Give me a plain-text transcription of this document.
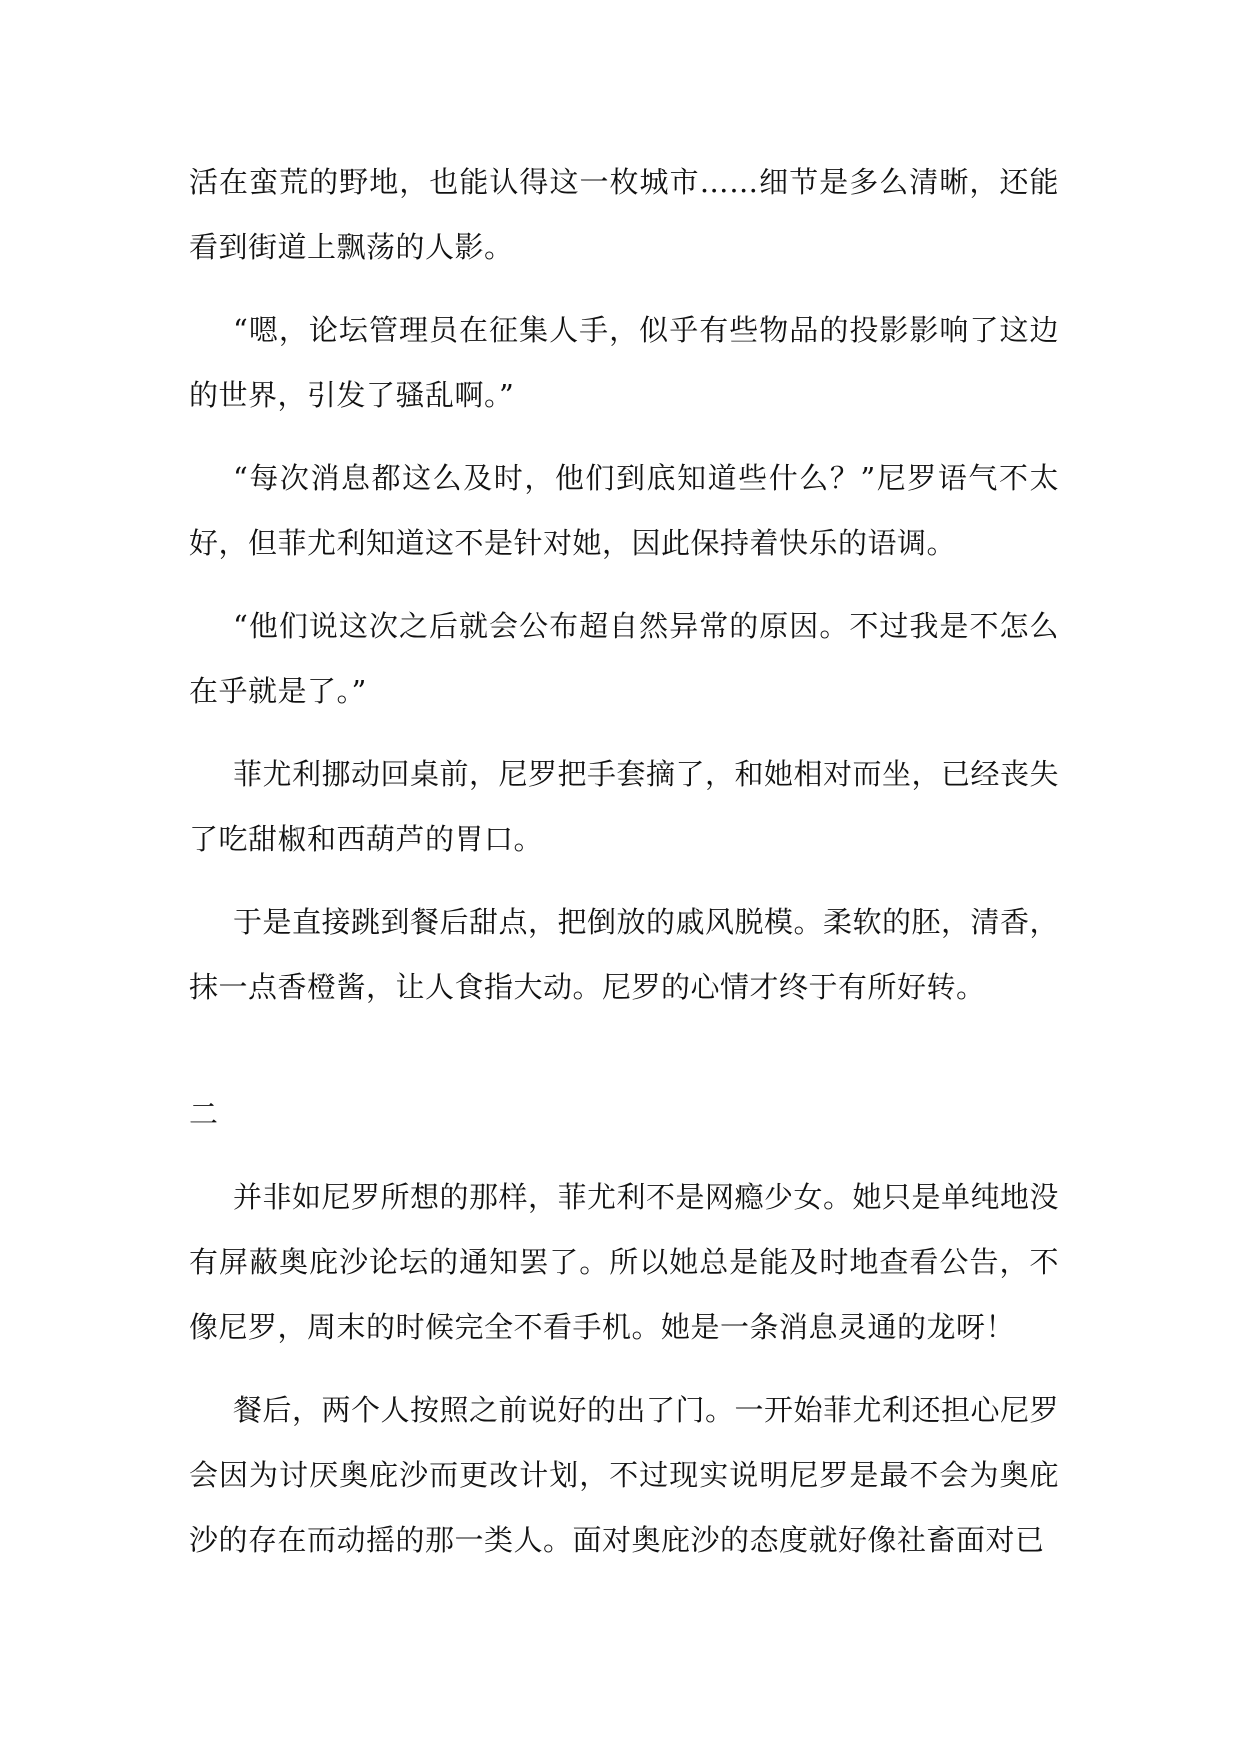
活在蛮荒的野地，也能认得这一枚城市……细节是多么清晰，还能看到街道上飘荡的人影。

“嗯，论坛管理员在征集人手，似乎有些物品的投影影响了这边的世界，引发了骚乱啊。”

“每次消息都这么及时，他们到底知道些什么？”尼罗语气不太好，但菲尤利知道这不是针对她，因此保持着快乐的语调。

“他们说这次之后就会公布超自然异常的原因。不过我是不怎么在乎就是了。”

菲尤利挪动回桌前，尼罗把手套摘了，和她相对而坐，已经丧失了吃甜椒和西葫芦的胃口。

于是直接跳到餐后甜点，把倒放的戚风脱模。柔软的胚，清香，抹一点香橙酱，让人食指大动。尼罗的心情才终于有所好转。

二

并非如尼罗所想的那样，菲尤利不是网瘾少女。她只是单纯地没有屏蔽奥庇沙论坛的通知罢了。所以她总是能及时地查看公告，不像尼罗，周末的时候完全不看手机。她是一条消息灵通的龙呀！

餐后，两个人按照之前说好的出了门。一开始菲尤利还担心尼罗会因为讨厌奥庇沙而更改计划，不过现实说明尼罗是最不会为奥庇沙的存在而动摇的那一类人。面对奥庇沙的态度就好像社畜面对已
